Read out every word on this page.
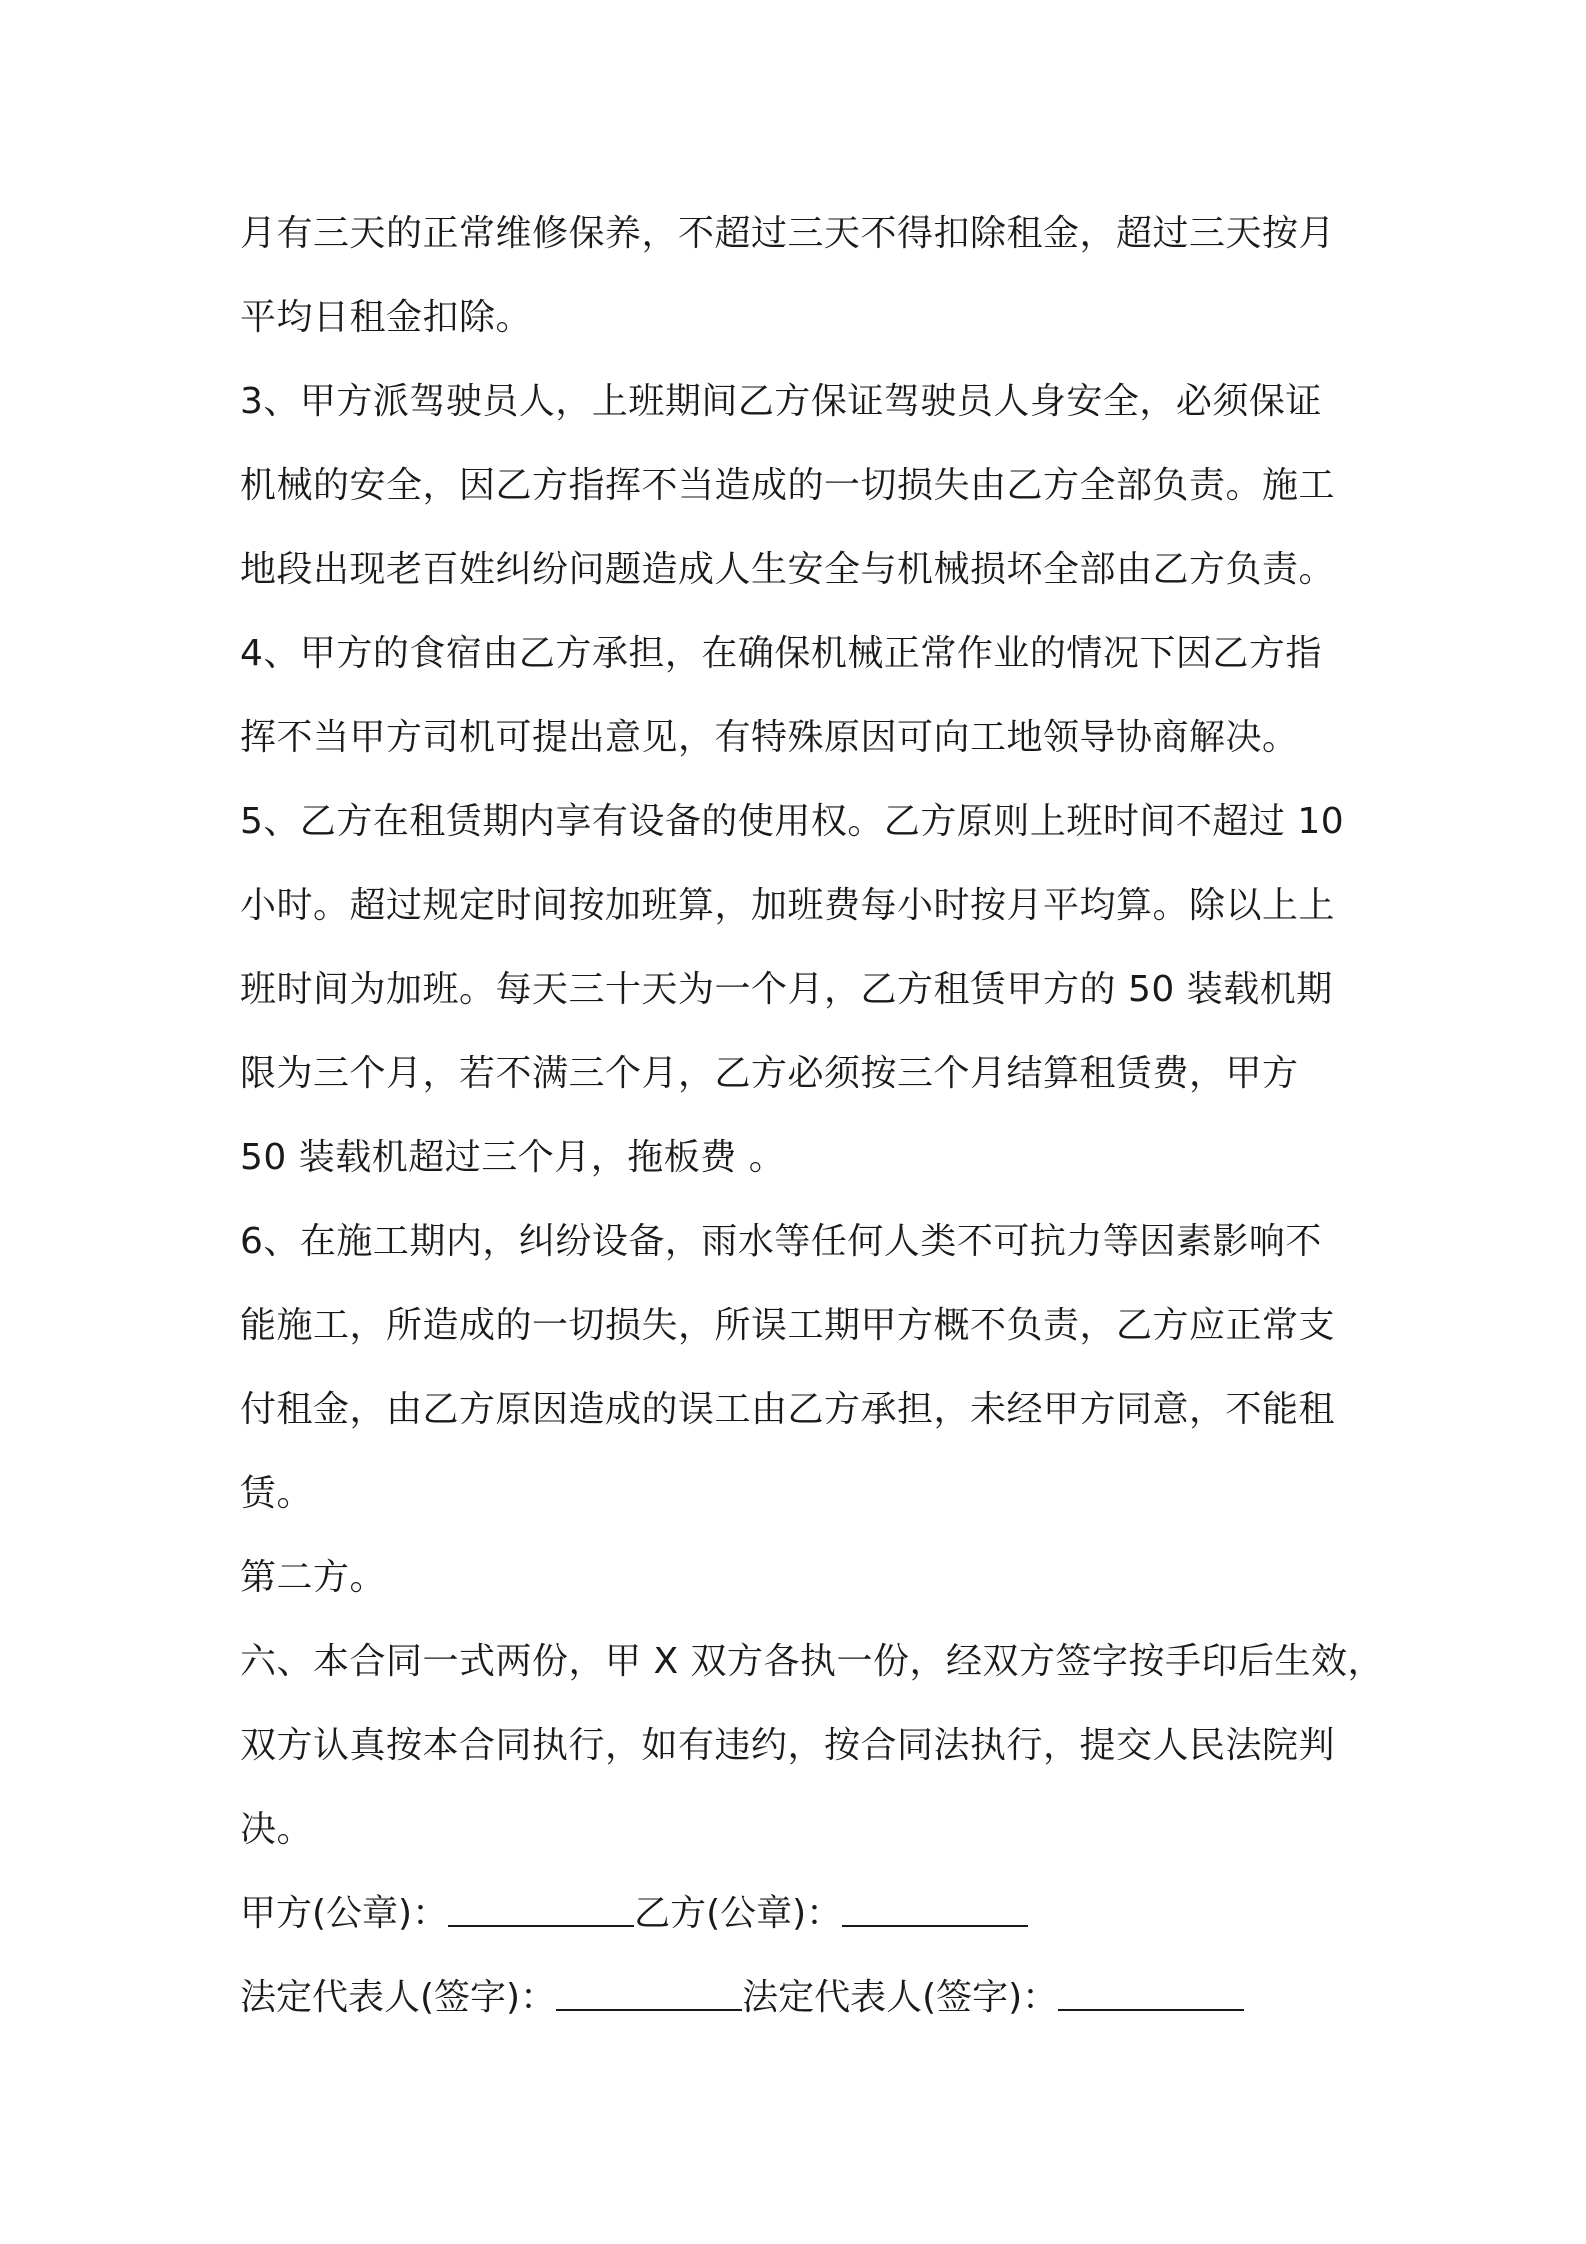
月有三天的正常维修保养，不超过三天不得扣除租金，超过三天按月
平均日租金扣除。
3、甲方派驾驶员人，上班期间乙方保证驾驶员人身安全，必须保证
机械的安全，因乙方指挥不当造成的一切损失由乙方全部负责。施工
地段出现老百姓纠纷问题造成人生安全与机械损坏全部由乙方负责。
4、甲方的食宿由乙方承担，在确保机械正常作业的情况下因乙方指
挥不当甲方司机可提出意见，有特殊原因可向工地领导协商解决。
5、乙方在租赁期内享有设备的使用权。乙方原则上班时间不超过 10
小时。超过规定时间按加班算，加班费每小时按月平均算。除以上上
班时间为加班。每天三十天为一个月，乙方租赁甲方的 50 装载机期
限为三个月，若不满三个月，乙方必须按三个月结算租赁费，甲方
50 装载机超过三个月，拖板费 。
6、在施工期内，纠纷设备，雨水等任何人类不可抗力等因素影响不
能施工，所造成的一切损失，所误工期甲方概不负责，乙方应正常支
付租金，由乙方原因造成的误工由乙方承担，未经甲方同意，不能租
赁。
第二方。
六、本合同一式两份，甲 X 双方各执一份，经双方签字按手印后生效，
双方认真按本合同执行，如有违约，按合同法执行，提交人民法院判
决。
甲方(公章)：	乙方(公章)：
法定代表人(签字)：	法定代表人(签字)：
